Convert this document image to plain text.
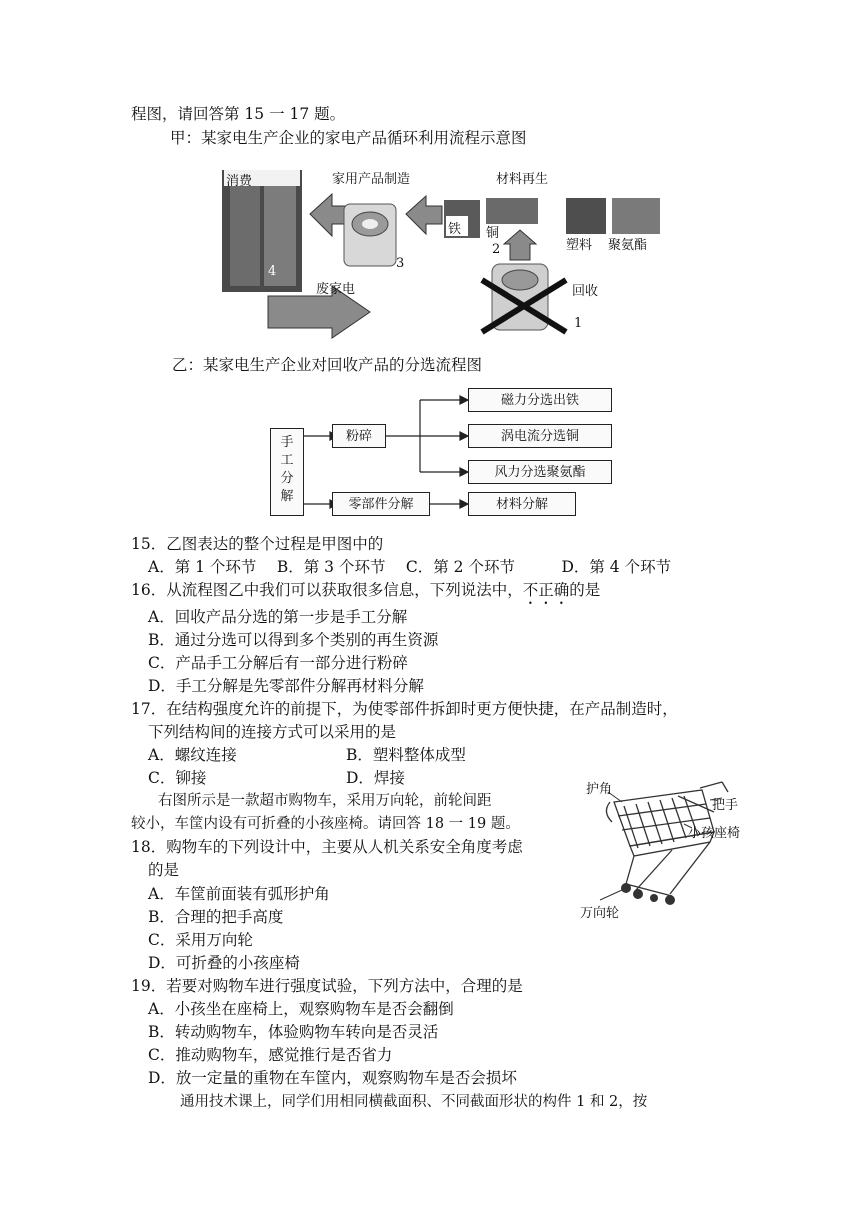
程图，请回答第 15 一 17 题。
甲：某家电生产企业的家电产品循环利用流程示意图
消费	家用产品制造	材料再生
铁 铜
塑料 聚氨酯
废家电	回收
4
3
2
1
乙：某家电生产企业对回收产品的分选流程图
手
工
分
解
粉碎
零部件分解
磁力分选出铁
涡电流分选铜
风力分选聚氨酯
材料分解
15．乙图表达的整个过程是甲图中的
A．第 1 个环节　 B．第 3 个环节　 C．第 2 个环节　　　D．第 4 个环节
16．从流程图乙中我们可以获取很多信息，下列说法中，不正确的是
A．回收产品分选的第一步是手工分解
B．通过分选可以得到多个类别的再生资源
C．产品手工分解后有一部分进行粉碎
D．手工分解是先零部件分解再材料分解
17．在结构强度允许的前提下，为使零部件拆卸时更方便快捷，在产品制造时，
下列结构间的连接方式可以采用的是
A．螺纹连接	B．塑料整体成型
C．铆接	D．焊接
右图所示是一款超市购物车，采用万向轮，前轮间距
较小，车筐内设有可折叠的小孩座椅。请回答 18 一 19 题。
护角
把手
小孩座椅
万向轮
18．购物车的下列设计中，主要从人机关系安全角度考虑
的是
A．车筐前面装有弧形护角
B．合理的把手高度
C．采用万向轮
D．可折叠的小孩座椅
19．若要对购物车进行强度试验，下列方法中，合理的是
A．小孩坐在座椅上，观察购物车是否会翻倒
B．转动购物车，体验购物车转向是否灵活
C．推动购物车，感觉推行是否省力
D．放一定量的重物在车筐内，观察购物车是否会损坏
通用技术课上，同学们用相同横截面积、不同截面形状的构件 1 和 2，按
